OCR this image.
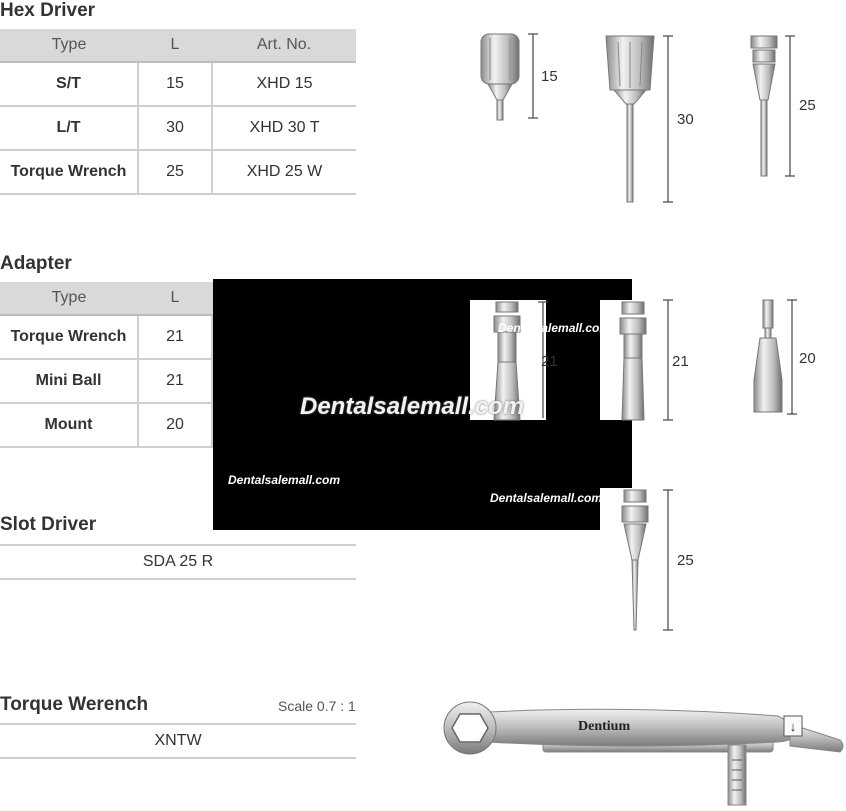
Hex Driver
Type	L	Art. No.
S/T	15	XHD 15
L/T	30	XHD 30 T
Torque Wrench	25	XHD 25 W
Adapter
Type	L	
Torque Wrench	21	
Mini Ball	21	
Mount	20	
Slot Driver
SDA 25 R
Torque Werench	Scale 0.7 : 1
XNTW
↓
15
30
25
21	21	20
25
Dentium
Dentalsalemall.com
Dentalsalemall.com
Dentalsalemall.com
Dentalsalemall.com
